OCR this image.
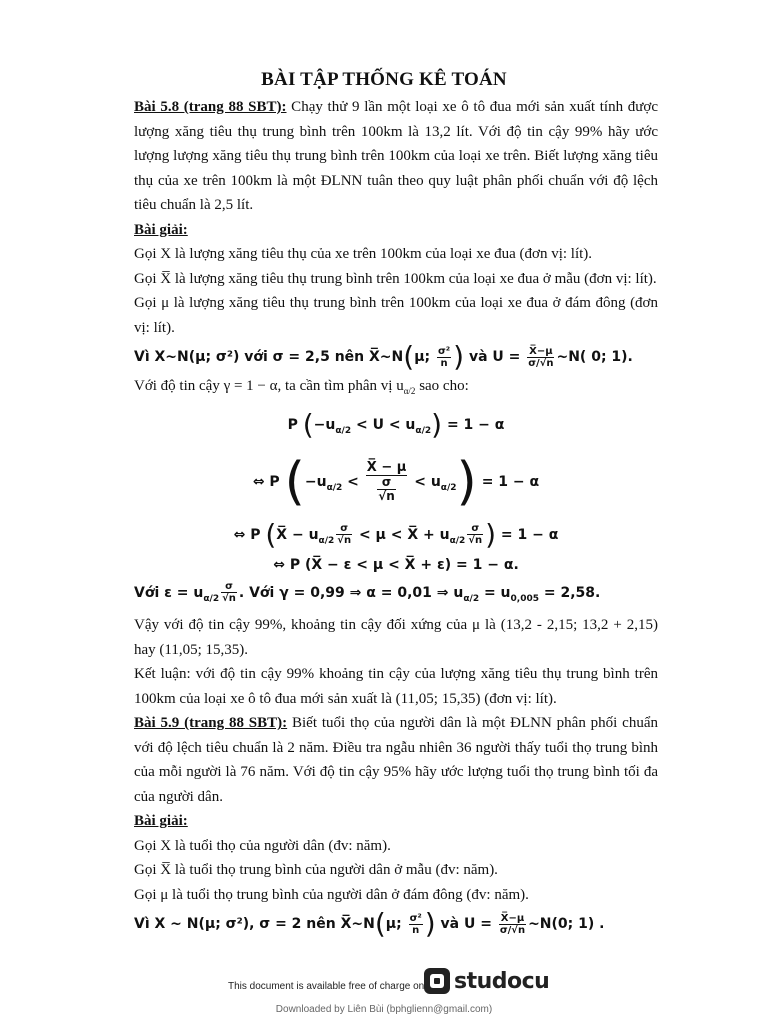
BÀI TẬP THỐNG KÊ TOÁN

Bài 5.8 (trang 88 SBT): Chạy thử 9 lần một loại xe ô tô đua mới sản xuất tính được lượng xăng tiêu thụ trung bình trên 100km là 13,2 lít. Với độ tin cậy 99% hãy ước lượng lượng xăng tiêu thụ trung bình trên 100km của loại xe trên. Biết lượng xăng tiêu thụ của xe trên 100km là một ĐLNN tuân theo quy luật phân phối chuẩn với độ lệch tiêu chuẩn là 2,5 lít.

Bài giải:

Gọi X là lượng xăng tiêu thụ của xe trên 100km của loại xe đua (đơn vị: lít).

Gọi X̅ là lượng xăng tiêu thụ trung bình trên 100km của loại xe đua ở mẫu (đơn vị: lít).

Gọi μ là lượng xăng tiêu thụ trung bình trên 100km của loại xe đua ở đám đông (đơn vị: lít).

Vì X~N(μ; σ²) với σ = 2,5 nên X̅~N(μ; $\frac{\text{σ²}}{n}$ ) và $U = \frac{X̅-\mu}{\sigma/√n}$ ~N( 0; 1).

Với độ tin cậy γ = 1 − α, ta cần tìm phân vị $u_{\alpha/2}$ sao cho:

P $(-u_{\alpha/2} < U < u_{\alpha/2}) = 1 - \alpha$
⇔ P $(-u_{\alpha/2} < \frac{X̅ - \mu}{\frac{\sigma}{√n}} < u_{\alpha/2}) = 1 - \alpha$
⇔ P (X̅ − $u_{\alpha/2} \frac{\sigma}{√n} < \mu$ < X̅ + $u_{\alpha/2} \frac{\sigma}{√n}$ ) = 1 − α
⇔ P (X̅ − ε < μ < X̅ + ε) = 1 − α.

Với $\varepsilon = u_{\alpha/2} \frac{\sigma}{√n}$ . Với γ = 0,99 ⇒ α = 0,01 ⇒ $u_{\alpha/2} = u_{0,005} = 2,58$.

Vậy với độ tin cậy 99%, khoảng tin cậy đối xứng của μ là (13,2 - 2,15; 13,2 + 2,15) hay (11,05; 15,35).

Kết luận: với độ tin cậy 99% khoảng tin cậy của lượng xăng tiêu thụ trung bình trên 100km của loại xe ô tô đua mới sản xuất là (11,05; 15,35) (đơn vị: lít).

Bài 5.9 (trang 88 SBT): Biết tuổi thọ của người dân là một ĐLNN phân phối chuẩn với độ lệch tiêu chuẩn là 2 năm. Điều tra ngẫu nhiên 36 người thấy tuổi thọ trung bình của mỗi người là 76 năm. Với độ tin cậy 95% hãy ước lượng tuổi thọ trung bình tối đa của người dân.

Bài giải:

Gọi X là tuổi thọ của người dân (đv: năm).

Gọi X̅ là tuổi thọ trung bình của người dân ở mẫu (đv: năm).

Gọi μ là tuổi thọ trung bình của người dân ở đám đông (đv: năm).

Vì X ~ N(μ; σ²), σ = 2 nên X̅~N(μ; $\frac{\text{σ²}}{n}$ ) và $U = \frac{X̅-\mu}{\sigma/√n}$ ~N(0; 1) .

This document is available free of charge on studocu
Downloaded by Liên Bùi (bphglienn@gmail.com)
